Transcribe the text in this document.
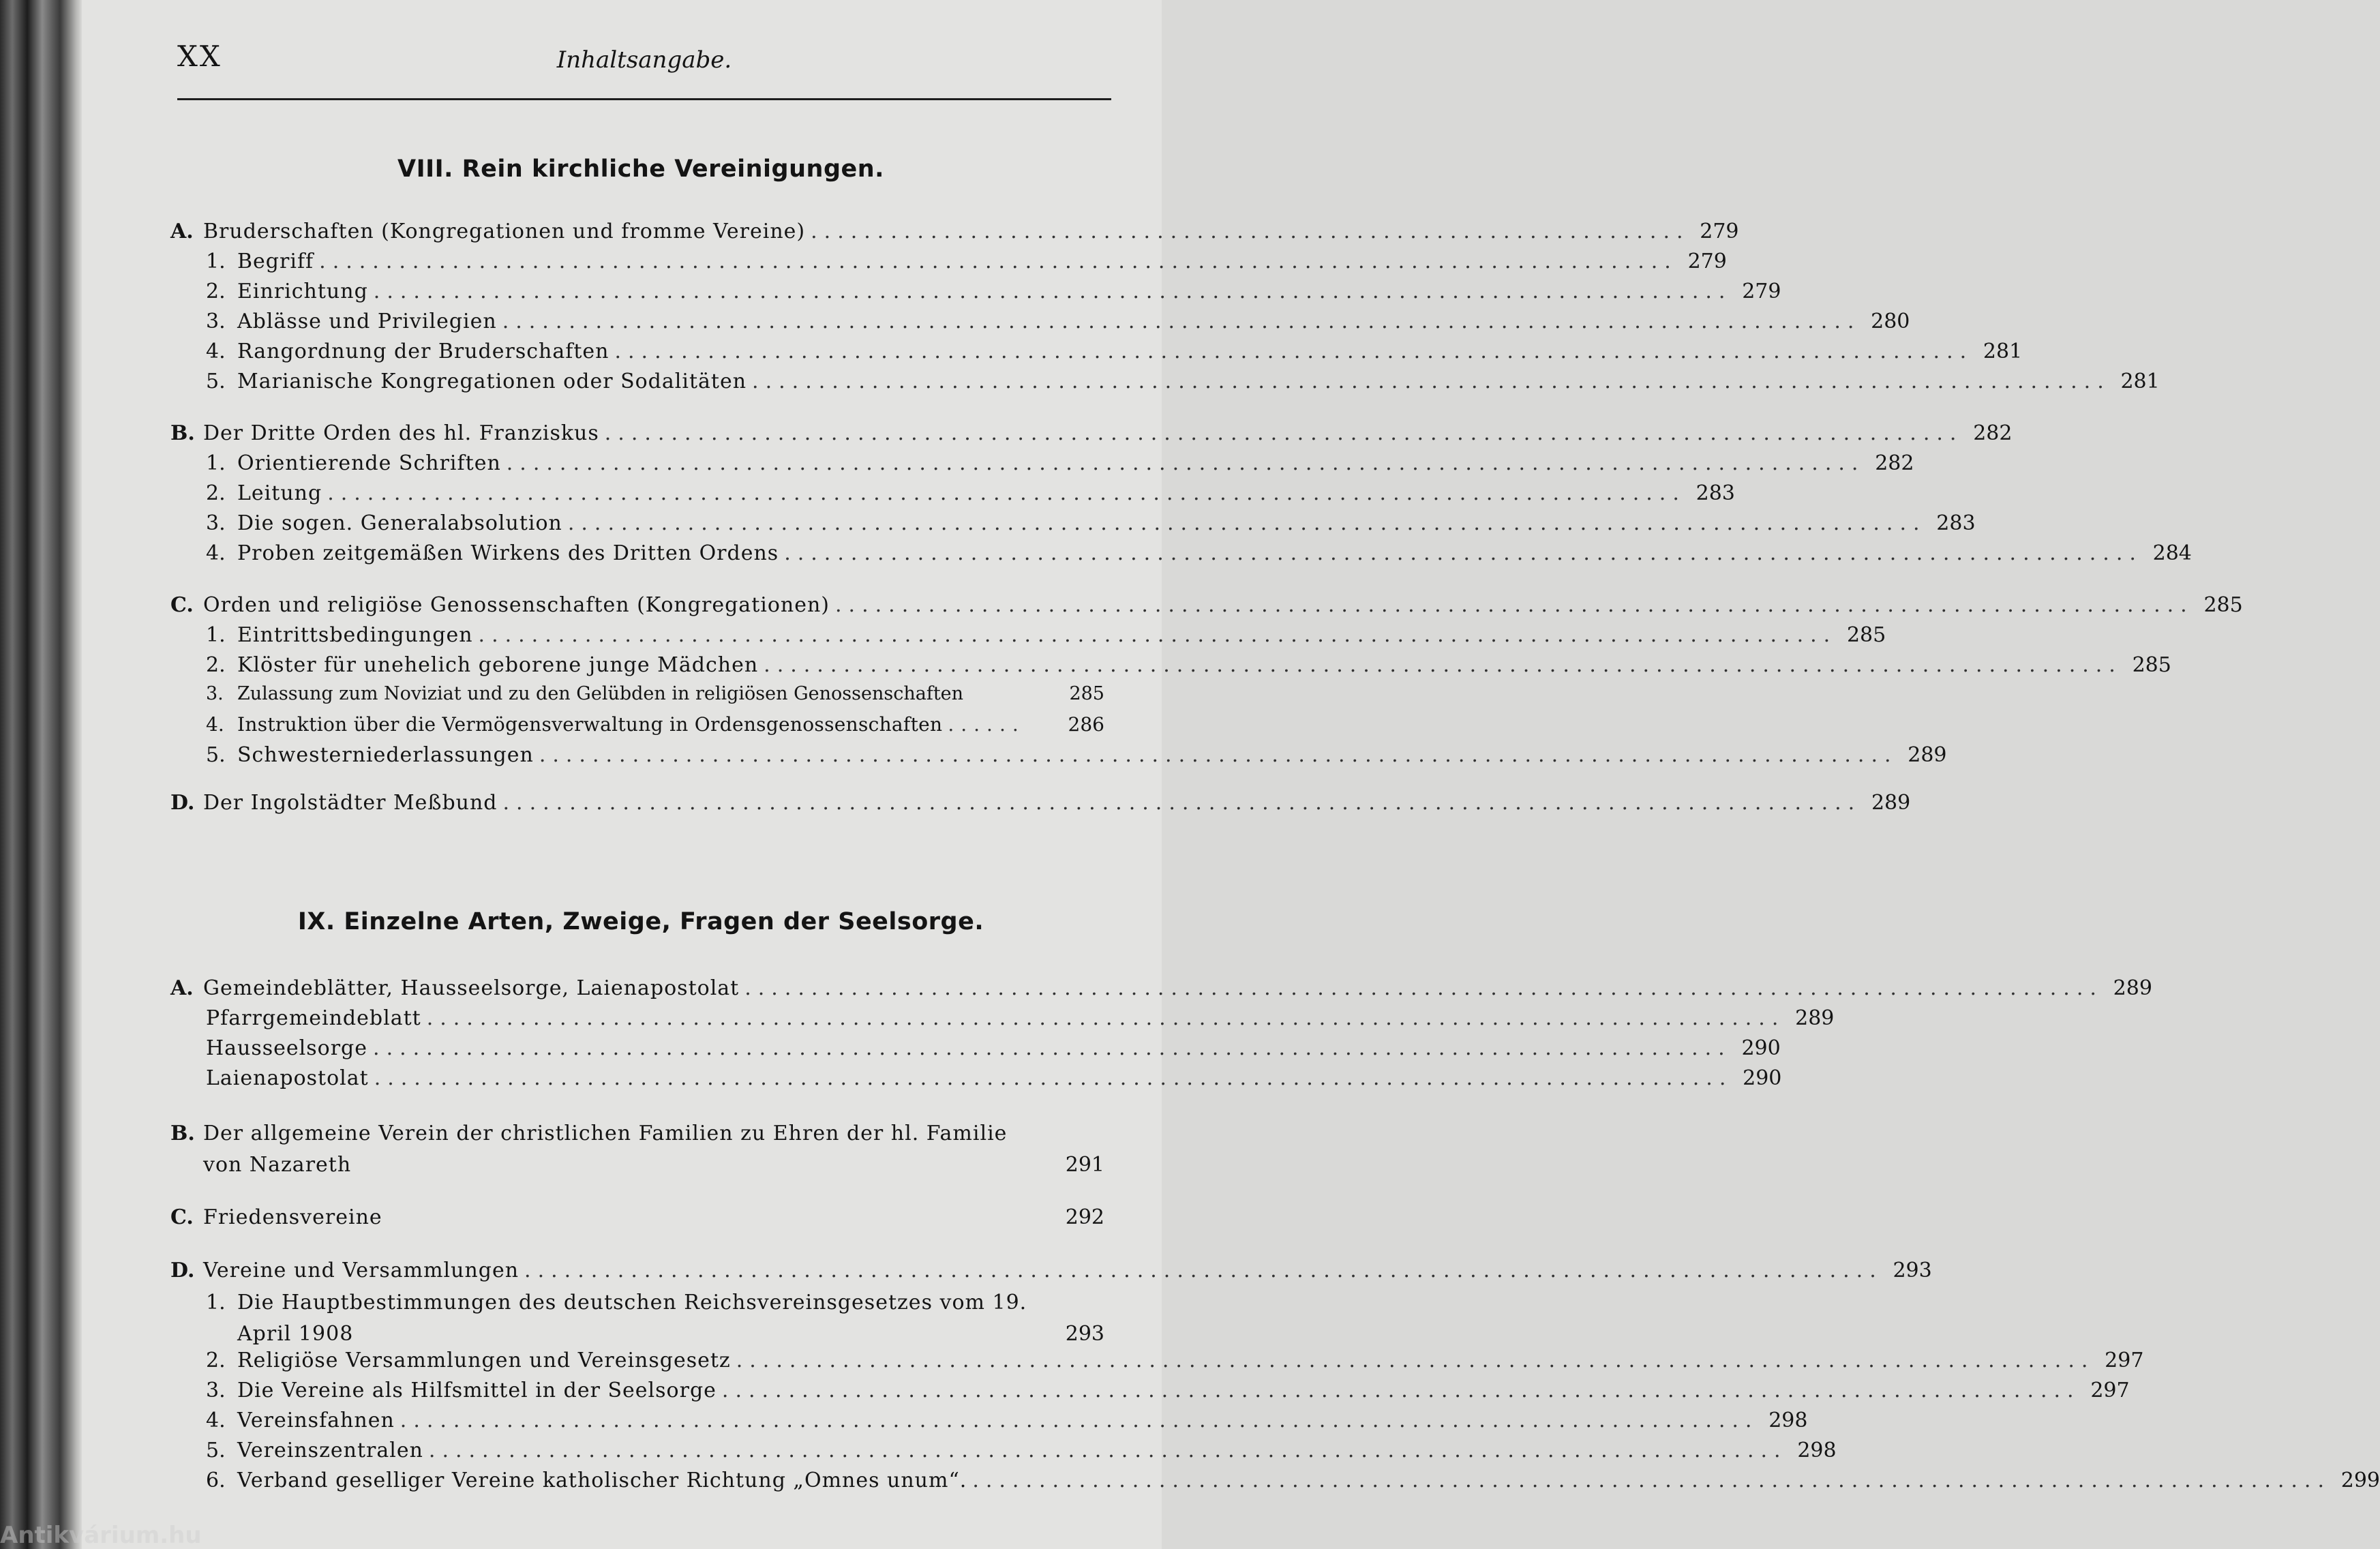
XX	Inhaltsangabe.
VIII. Rein kirchliche Vereinigungen.
A. Bruderschaften (Kongregationen und fromme Vereine) .................................................................. 279
1. Begriff ...................................................................................................... 279
2. Einrichtung ...................................................................................................... 279
3. Ablässe und Privilegien ...................................................................................................... 280
4. Rangordnung der Bruderschaften ...................................................................................................... 281
5. Marianische Kongregationen oder Sodalitäten ...................................................................................................... 281
B. Der Dritte Orden des hl. Franziskus ...................................................................................................... 282
1. Orientierende Schriften ...................................................................................................... 282
2. Leitung ...................................................................................................... 283
3. Die sogen. Generalabsolution ...................................................................................................... 283
4. Proben zeitgemäßen Wirkens des Dritten Ordens ...................................................................................................... 284
C. Orden und religiöse Genossenschaften (Kongregationen) ...................................................................................................... 285
1. Eintrittsbedingungen ...................................................................................................... 285
2. Klöster für unehelich geborene junge Mädchen ...................................................................................................... 285
3. Zulassung zum Noviziat und zu den Gelübden in religiösen Genossenschaften	285
4. Instruktion über die Vermögensverwaltung in Ordensgenossenschaften ......	286
5. Schwesterniederlassungen ...................................................................................................... 289
D. Der Ingolstädter Meßbund ...................................................................................................... 289
IX. Einzelne Arten, Zweige, Fragen der Seelsorge.
A. Gemeindeblätter, Hausseelsorge, Laienapostolat ...................................................................................................... 289
Pfarrgemeindeblatt ...................................................................................................... 289
Hausseelsorge ...................................................................................................... 290
Laienapostolat ...................................................................................................... 290
B. Der allgemeine Verein der christlichen Familien zu Ehren der hl. Familie von Nazareth	291
C. Friedensvereine	292
D. Vereine und Versammlungen ...................................................................................................... 293
1. Die Hauptbestimmungen des deutschen Reichsvereinsgesetzes vom 19. April 1908	293
2. Religiöse Versammlungen und Vereinsgesetz ...................................................................................................... 297
3. Die Vereine als Hilfsmittel in der Seelsorge ...................................................................................................... 297
4. Vereinsfahnen ...................................................................................................... 298
5. Vereinszentralen ...................................................................................................... 298
6. Verband geselliger Vereine katholischer Richtung „Omnes unum“. ...................................................................................................... 299
Antikvárium.hu
